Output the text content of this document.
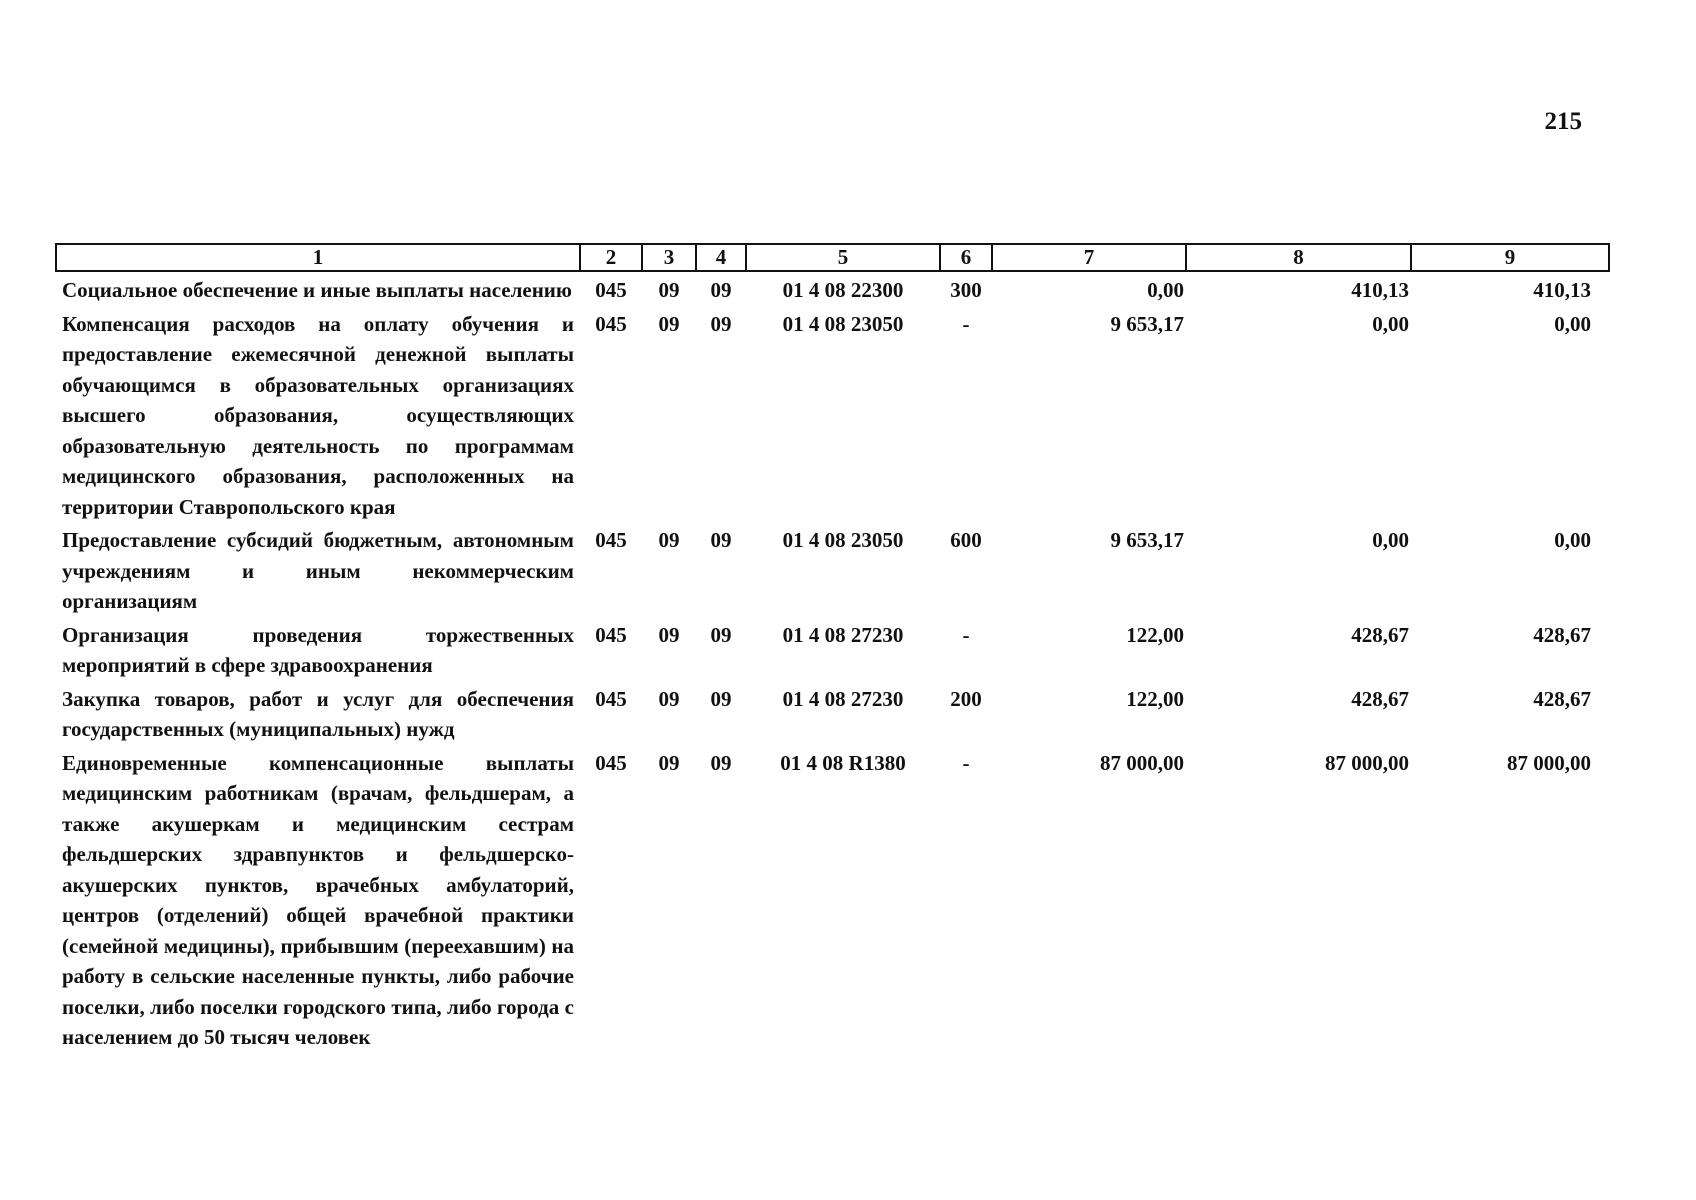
215
1	2	3	4	5	6	7	8	9
Социальное обеспечение и иные выплаты населению	045	09	09	01 4 08 22300	300	0,00	410,13	410,13
Компенсация расходов на оплату обучения и предоставление ежемесячной денежной выплаты обучающимся в образовательных организациях высшего образования, осуществляющих образовательную деятельность по программам медицинского образования, расположенных на территории Ставропольского края	045	09	09	01 4 08 23050	-	9 653,17	0,00	0,00
Предоставление субсидий бюджетным, автономным учреждениям и иным некоммерческим организациям	045	09	09	01 4 08 23050	600	9 653,17	0,00	0,00
Организация проведения торжественных мероприятий в сфере здравоохранения	045	09	09	01 4 08 27230	-	122,00	428,67	428,67
Закупка товаров, работ и услуг для обеспечения государственных (муниципальных) нужд	045	09	09	01 4 08 27230	200	122,00	428,67	428,67
Единовременные компенсационные выплаты медицинским работникам (врачам, фельдшерам, а также акушеркам и медицинским сестрам фельдшерских здравпунктов и фельдшерско-акушерских пунктов, врачебных амбулаторий, центров (отделений) общей врачебной практики (семейной медицины), прибывшим (переехавшим) на работу в сельские населенные пункты, либо рабочие поселки, либо поселки городского типа, либо города с населением до 50 тысяч человек	045	09	09	01 4 08 R1380	-	87 000,00	87 000,00	87 000,00
